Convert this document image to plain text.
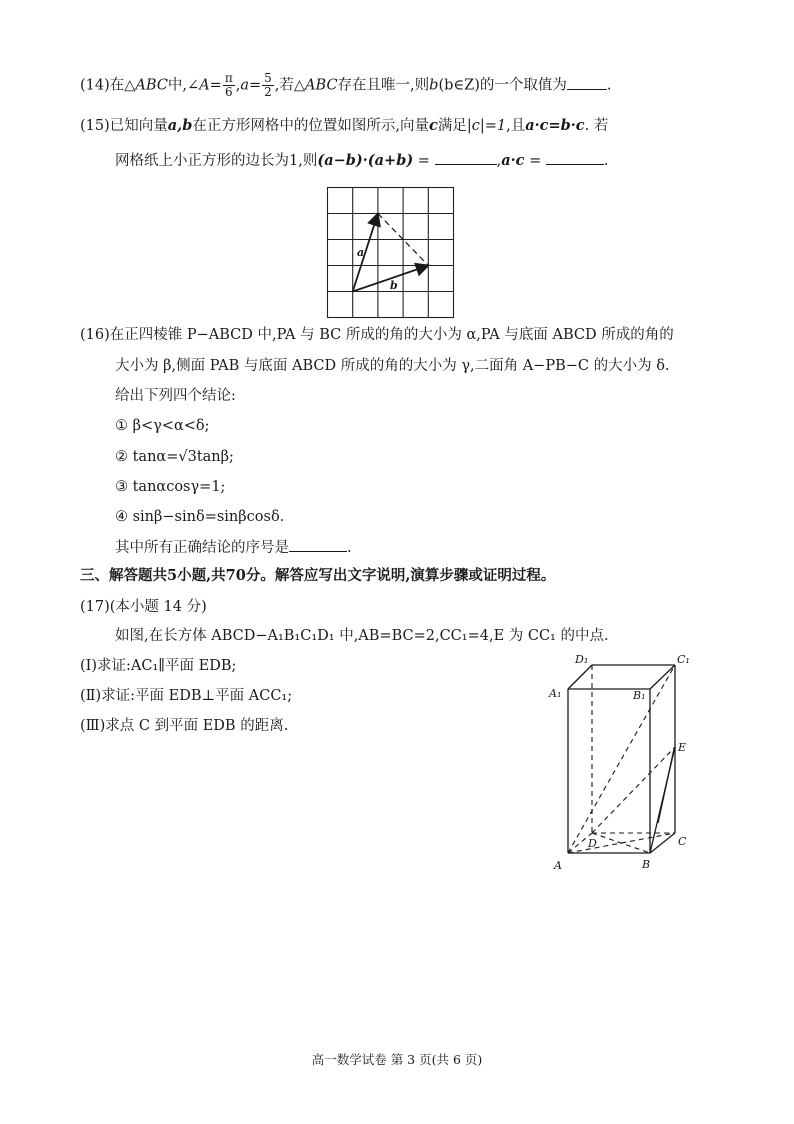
(14)在△ABC中,∠A= $\frac{\pi}{6} ,a= \frac{5}{2}$ ,若△ABC存在且唯一,则b(b∈Z)的一个取值为	.
(15)已知向量a,b在正方形网格中的位置如图所示,向量c满足|c|=1,且a·c=b·c. 若
网格纸上小正方形的边长为1,则(a−b)·(a+b) =	,a·c =	.
a
b
(16)在正四棱锥 P−ABCD 中,PA 与 BC 所成的角的大小为 α,PA 与底面 ABCD 所成的角的
大小为 β,侧面 PAB 与底面 ABCD 所成的角的大小为 γ,二面角 A−PB−C 的大小为 δ.
给出下列四个结论:
① β<γ<α<δ;
② tanα=√3tanβ;
③ tanαcosγ=1;
④ sinβ−sinδ=sinβcosδ.
其中所有正确结论的序号是	.
三、解答题共5小题,共70分。解答应写出文字说明,演算步骤或证明过程。
(17)(本小题 14 分)
如图,在长方体 ABCD−A₁B₁C₁D₁ 中,AB=BC=2,CC₁=4,E 为 CC₁ 的中点.
(Ⅰ)求证:AC₁∥平面 EDB;
(Ⅱ)求证:平面 EDB⊥平面 ACC₁;
(Ⅲ)求点 C 到平面 EDB 的距离.
D₁	C₁
A₁	B₁
E
D	C
A	B
高一数学试卷 第 3 页(共 6 页)
